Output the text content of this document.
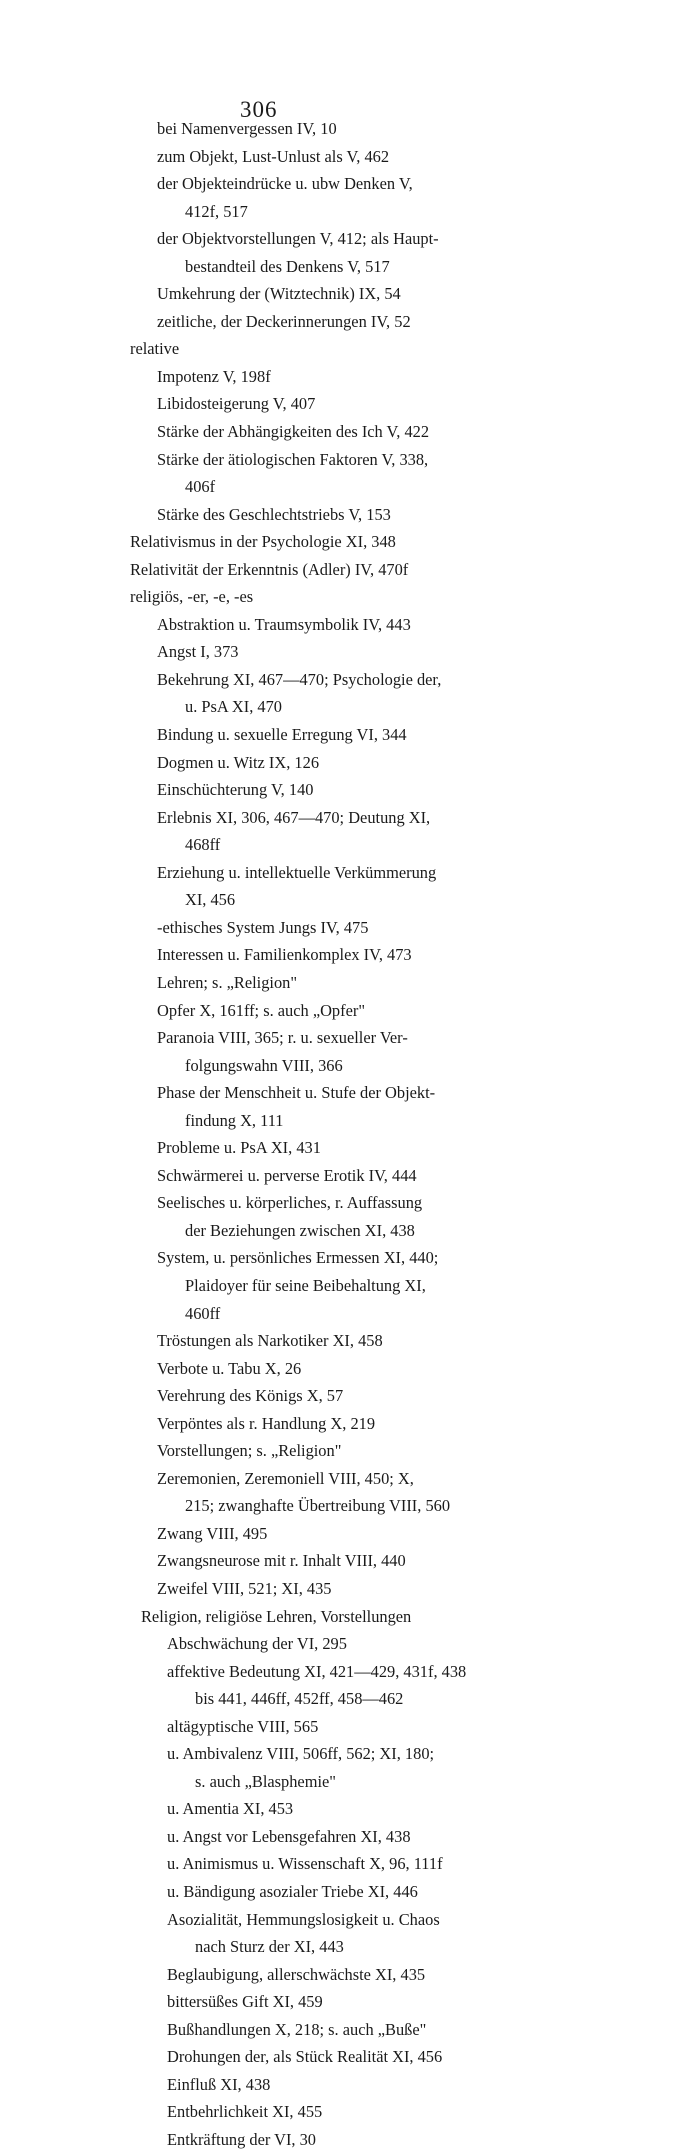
306
bei Namenvergessen IV, 10
zum Objekt, Lust-Unlust als V, 462
der Objekteindrücke u. ubw Denken V,
412f, 517
der Objektvorstellungen V, 412; als Haupt-
bestandteil des Denkens V, 517
Umkehrung der (Witztechnik) IX, 54
zeitliche, der Deckerinnerungen IV, 52
relative
Impotenz V, 198f
Libidosteigerung V, 407
Stärke der Abhängigkeiten des Ich V, 422
Stärke der ätiologischen Faktoren V, 338,
406f
Stärke des Geschlechtstriebs V, 153
Relativismus in der Psychologie XI, 348
Relativität der Erkenntnis (Adler) IV, 470f
religiös, -er, -e, -es
Abstraktion u. Traumsymbolik IV, 443
Angst I, 373
Bekehrung XI, 467—470; Psychologie der,
u. PsA XI, 470
Bindung u. sexuelle Erregung VI, 344
Dogmen u. Witz IX, 126
Einschüchterung V, 140
Erlebnis XI, 306, 467—470; Deutung XI,
468ff
Erziehung u. intellektuelle Verkümmerung
XI, 456
-ethisches System Jungs IV, 475
Interessen u. Familienkomplex IV, 473
Lehren; s. „Religion"
Opfer X, 161ff; s. auch „Opfer"
Paranoia VIII, 365; r. u. sexueller Ver-
folgungswahn VIII, 366
Phase der Menschheit u. Stufe der Objekt-
findung X, 111
Probleme u. PsA XI, 431
Schwärmerei u. perverse Erotik IV, 444
Seelisches u. körperliches, r. Auffassung
der Beziehungen zwischen XI, 438
System, u. persönliches Ermessen XI, 440;
Plaidoyer für seine Beibehaltung XI,
460ff
Tröstungen als Narkotiker XI, 458
Verbote u. Tabu X, 26
Verehrung des Königs X, 57
Verpöntes als r. Handlung X, 219
Vorstellungen; s. „Religion"
Zeremonien, Zeremoniell VIII, 450; X,
215; zwanghafte Übertreibung VIII, 560
Zwang VIII, 495
Zwangsneurose mit r. Inhalt VIII, 440
Zweifel VIII, 521; XI, 435
Religion, religiöse Lehren, Vorstellungen
Abschwächung der VI, 295
affektive Bedeutung XI, 421—429, 431f, 438
bis 441, 446ff, 452ff, 458—462
altägyptische VIII, 565
u. Ambivalenz VIII, 506ff, 562; XI, 180;
s. auch „Blasphemie"
u. Amentia XI, 453
u. Angst vor Lebensgefahren XI, 438
u. Animismus u. Wissenschaft X, 96, 111f
u. Bändigung asozialer Triebe XI, 446
Asozialität, Hemmungslosigkeit u. Chaos
nach Sturz der XI, 443
Beglaubigung, allerschwächste XI, 435
bittersüßes Gift XI, 459
Bußhandlungen X, 218; s. auch „Buße"
Drohungen der, als Stück Realität XI, 456
Einfluß XI, 438
Entbehrlichkeit XI, 455
Entkräftung der VI, 30
